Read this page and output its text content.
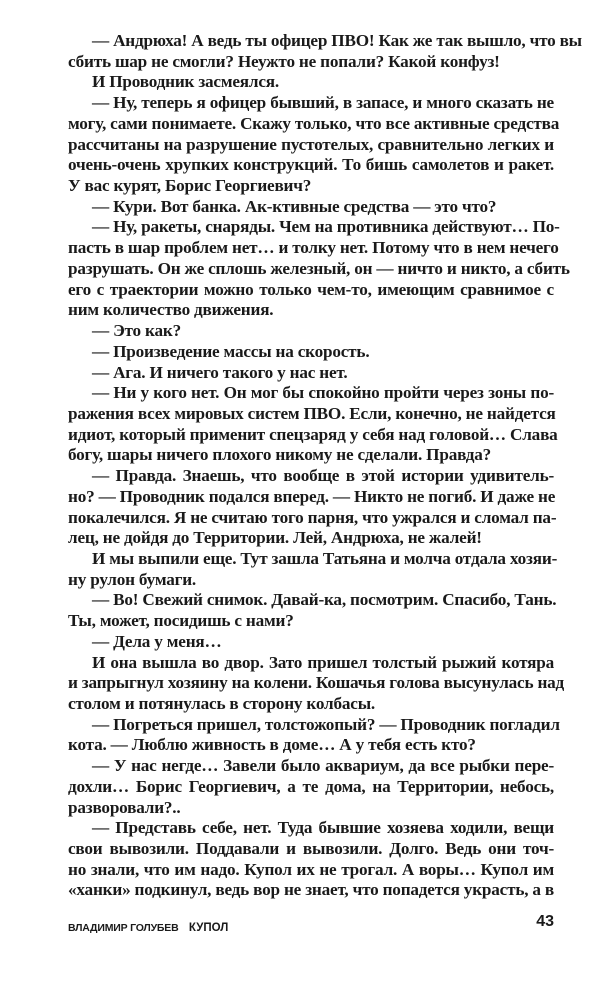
— Андрюха! А ведь ты офицер ПВО! Как же так вышло, что вы
сбить шар не смогли? Неужто не попали? Какой конфуз!
И Проводник засмеялся.
— Ну, теперь я офицер бывший, в запасе, и много сказать не
могу, сами понимаете. Скажу только, что все активные средства
рассчитаны на разрушение пустотелых, сравнительно легких и
очень-очень хрупких конструкций. То бишь самолетов и ракет.
У вас курят, Борис Георгиевич?
— Кури. Вот банка. Ак-ктивные средства — это что?
— Ну, ракеты, снаряды. Чем на противника действуют… По-
пасть в шар проблем нет… и толку нет. Потому что в нем нечего
разрушать. Он же сплошь железный, он — ничто и никто, а сбить
его с траектории можно только чем-то, имеющим сравнимое с
ним количество движения.
— Это как?
— Произведение массы на скорость.
— Ага. И ничего такого у нас нет.
— Ни у кого нет. Он мог бы спокойно пройти через зоны по-
ражения всех мировых систем ПВО. Если, конечно, не найдется
идиот, который применит спецзаряд у себя над головой… Слава
богу, шары ничего плохого никому не сделали. Правда?
— Правда. Знаешь, что вообще в этой истории удивитель-
но? — Проводник подался вперед. — Никто не погиб. И даже не
покалечился. Я не считаю того парня, что ужрался и сломал па-
лец, не дойдя до Территории. Лей, Андрюха, не жалей!
И мы выпили еще. Тут зашла Татьяна и молча отдала хозяи-
ну рулон бумаги.
— Во! Свежий снимок. Давай-ка, посмотрим. Спасибо, Тань.
Ты, может, посидишь с нами?
— Дела у меня…
И она вышла во двор. Зато пришел толстый рыжий котяра
и запрыгнул хозяину на колени. Кошачья голова высунулась над
столом и потянулась в сторону колбасы.
— Погреться пришел, толстожопый? — Проводник погладил
кота. — Люблю живность в доме… А у тебя есть кто?
— У нас негде… Завели было аквариум, да все рыбки пере-
дохли… Борис Георгиевич, а те дома, на Территории, небось,
разворовали?..
— Представь себе, нет. Туда бывшие хозяева ходили, вещи
свои вывозили. Поддавали и вывозили. Долго. Ведь они точ-
но знали, что им надо. Купол их не трогал. А воры… Купол им
«ханки» подкинул, ведь вор не знает, что попадется украсть, а в
ВЛАДИМИР ГОЛУБЕВ КУПОЛ	43
